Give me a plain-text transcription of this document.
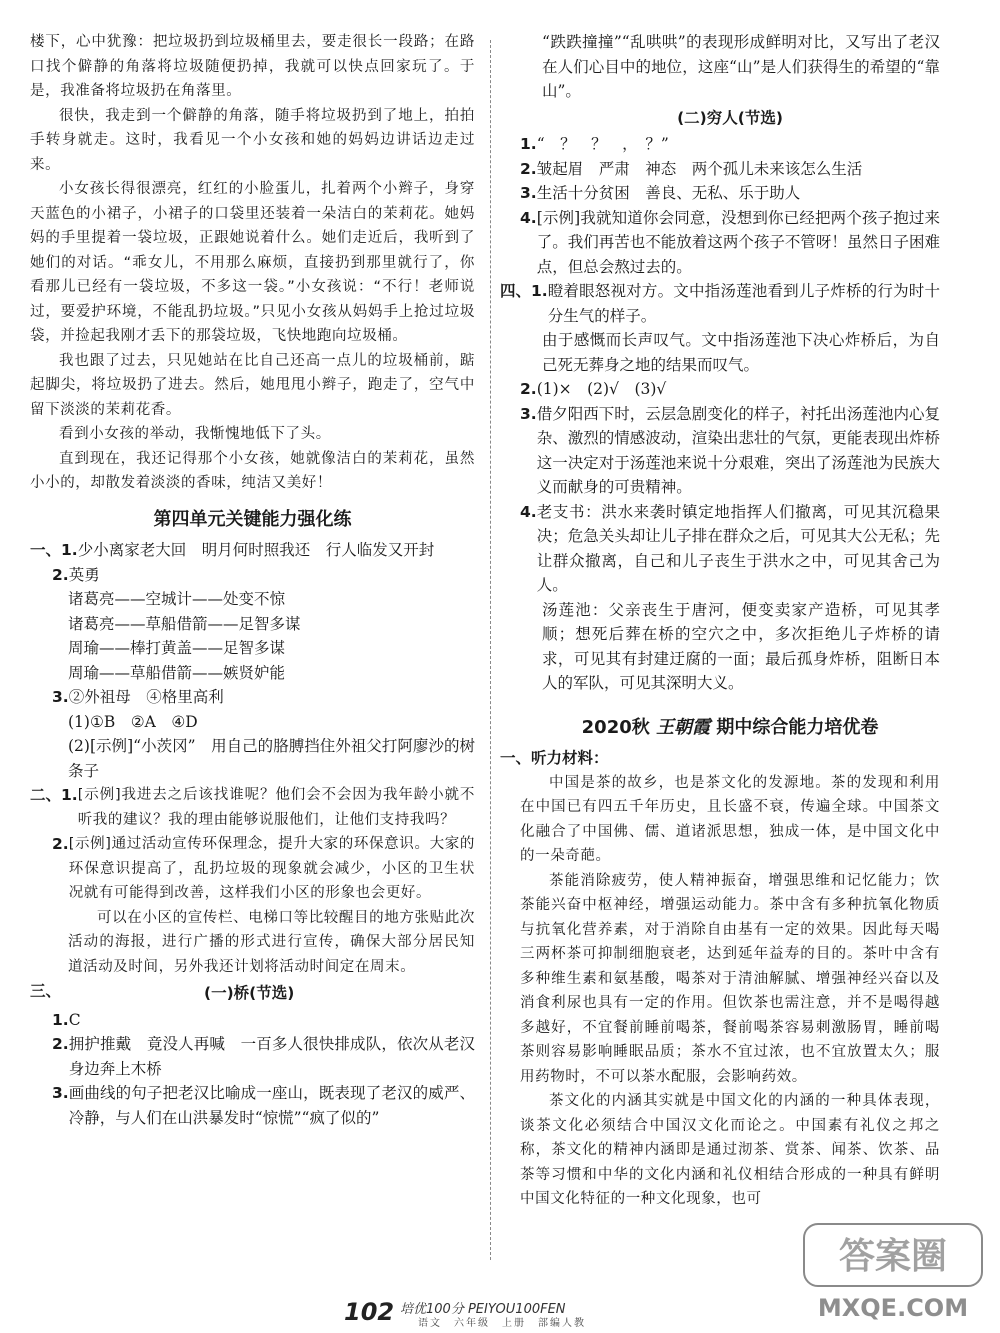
楼下，心中犹豫：把垃圾扔到垃圾桶里去，要走很长一段路；在路口找个僻静的角落将垃圾随便扔掉，我就可以快点回家玩了。于是，我准备将垃圾扔在角落里。

很快，我走到一个僻静的角落，随手将垃圾扔到了地上，拍拍手转身就走。这时，我看见一个小女孩和她的妈妈边讲话边走过来。

小女孩长得很漂亮，红红的小脸蛋儿，扎着两个小辫子，身穿天蓝色的小裙子，小裙子的口袋里还装着一朵洁白的茉莉花。她妈妈的手里提着一袋垃圾，正跟她说着什么。她们走近后，我听到了她们的对话。“乖女儿，不用那么麻烦，直接扔到那里就行了，你看那儿已经有一袋垃圾，不多这一袋。”小女孩说：“不行！老师说过，要爱护环境，不能乱扔垃圾。”只见小女孩从妈妈手上抢过垃圾袋，并捡起我刚才丢下的那袋垃圾，飞快地跑向垃圾桶。

我也跟了过去，只见她站在比自己还高一点儿的垃圾桶前，踮起脚尖，将垃圾扔了进去。然后，她甩甩小辫子，跑走了，空气中留下淡淡的茉莉花香。

看到小女孩的举动，我惭愧地低下了头。

直到现在，我还记得那个小女孩，她就像洁白的茉莉花，虽然小小的，却散发着淡淡的香味，纯洁又美好！

第四单元关键能力强化练
一、1. 少小离家老大回　明月何时照我还　行人临发又开封
2. 英勇

诸葛亮——空城计——处变不惊

诸葛亮——草船借箭——足智多谋

周瑜——棒打黄盖——足智多谋

周瑜——草船借箭——嫉贤妒能

3. ②外祖母　④格里高利

(1)①B　②A　④D

(2)[示例]“小茨冈”　用自己的胳膊挡住外祖父打阿廖沙的树条子

二、1. [示例]我进去之后该找谁呢？他们会不会因为我年龄小就不听我的建议？我的理由能够说服他们，让他们支持我吗？
2. [示例]通过活动宣传环保理念，提升大家的环保意识。大家的环保意识提高了，乱扔垃圾的现象就会减少，小区的卫生状况就有可能得到改善，这样我们小区的形象也会更好。

可以在小区的宣传栏、电梯口等比较醒目的地方张贴此次活动的海报，进行广播的形式进行宣传，确保大部分居民知道活动及时间，另外我还计划将活动时间定在周末。

三、	(一)桥(节选)
1. C
2. 拥护推戴　竟没人再喊　一百多人很快排成队，依次从老汉身边奔上木桥
3. 画曲线的句子把老汉比喻成一座山，既表现了老汉的威严、冷静，与人们在山洪暴发时“惊慌”“疯了似的”

“跌跌撞撞”“乱哄哄”的表现形成鲜明对比，又写出了老汉在人们心目中的地位，这座“山”是人们获得生的希望的“靠山”。

(二)穷人(节选)
1. “　？　？　，　？”
2. 皱起眉　严肃　神态　两个孤儿未来该怎么生活
3. 生活十分贫困　善良、无私、乐于助人
4. [示例]我就知道你会同意，没想到你已经把两个孩子抱过来了。我们再苦也不能放着这两个孩子不管呀！虽然日子困难点，但总会熬过去的。
四、1. 瞪着眼怒视对方。文中指汤莲池看到儿子炸桥的行为时十分生气的样子。

由于感慨而长声叹气。文中指汤莲池下决心炸桥后，为自己死无葬身之地的结果而叹气。

2. (1)×　(2)√　(3)√
3. 借夕阳西下时，云层急剧变化的样子，衬托出汤莲池内心复杂、激烈的情感波动，渲染出悲壮的气氛，更能表现出炸桥这一决定对于汤莲池来说十分艰难，突出了汤莲池为民族大义而献身的可贵精神。
4. 老支书：洪水来袭时镇定地指挥人们撤离，可见其沉稳果决；危急关头却让儿子排在群众之后，可见其大公无私；先让群众撤离，自己和儿子丧生于洪水之中，可见其舍己为人。

汤莲池：父亲丧生于唐河，便变卖家产造桥，可见其孝顺；想死后葬在桥的空穴之中，多次拒绝儿子炸桥的请求，可见其有封建迂腐的一面；最后孤身炸桥，阻断日本人的军队，可见其深明大义。

2020秋 王朝霞 期中综合能力培优卷

一、听力材料：

中国是茶的故乡，也是茶文化的发源地。茶的发现和利用在中国已有四五千年历史，且长盛不衰，传遍全球。中国茶文化融合了中国佛、儒、道诸派思想，独成一体，是中国文化中的一朵奇葩。

茶能消除疲劳，使人精神振奋，增强思维和记忆能力；饮茶能兴奋中枢神经，增强运动能力。茶中含有多种抗氧化物质与抗氧化营养素，对于消除自由基有一定的效果。因此每天喝三两杯茶可抑制细胞衰老，达到延年益寿的目的。茶叶中含有多种维生素和氨基酸，喝茶对于清油解腻、增强神经兴奋以及消食利尿也具有一定的作用。但饮茶也需注意，并不是喝得越多越好，不宜餐前睡前喝茶，餐前喝茶容易刺激肠胃，睡前喝茶则容易影响睡眠品质；茶水不宜过浓，也不宜放置太久；服用药物时，不可以茶水配服，会影响药效。

茶文化的内涵其实就是中国文化的内涵的一种具体表现，谈茶文化必须结合中国汉文化而论之。中国素有礼仪之邦之称，茶文化的精神内涵即是通过沏茶、赏茶、闻茶、饮茶、品茶等习惯和中华的文化内涵和礼仪相结合形成的一种具有鲜明中国文化特征的一种文化现象，也可

102 培优100分 PEIYOU100FEN
语文　六年级　上册　部编人教
答案圈
MXQE.COM
